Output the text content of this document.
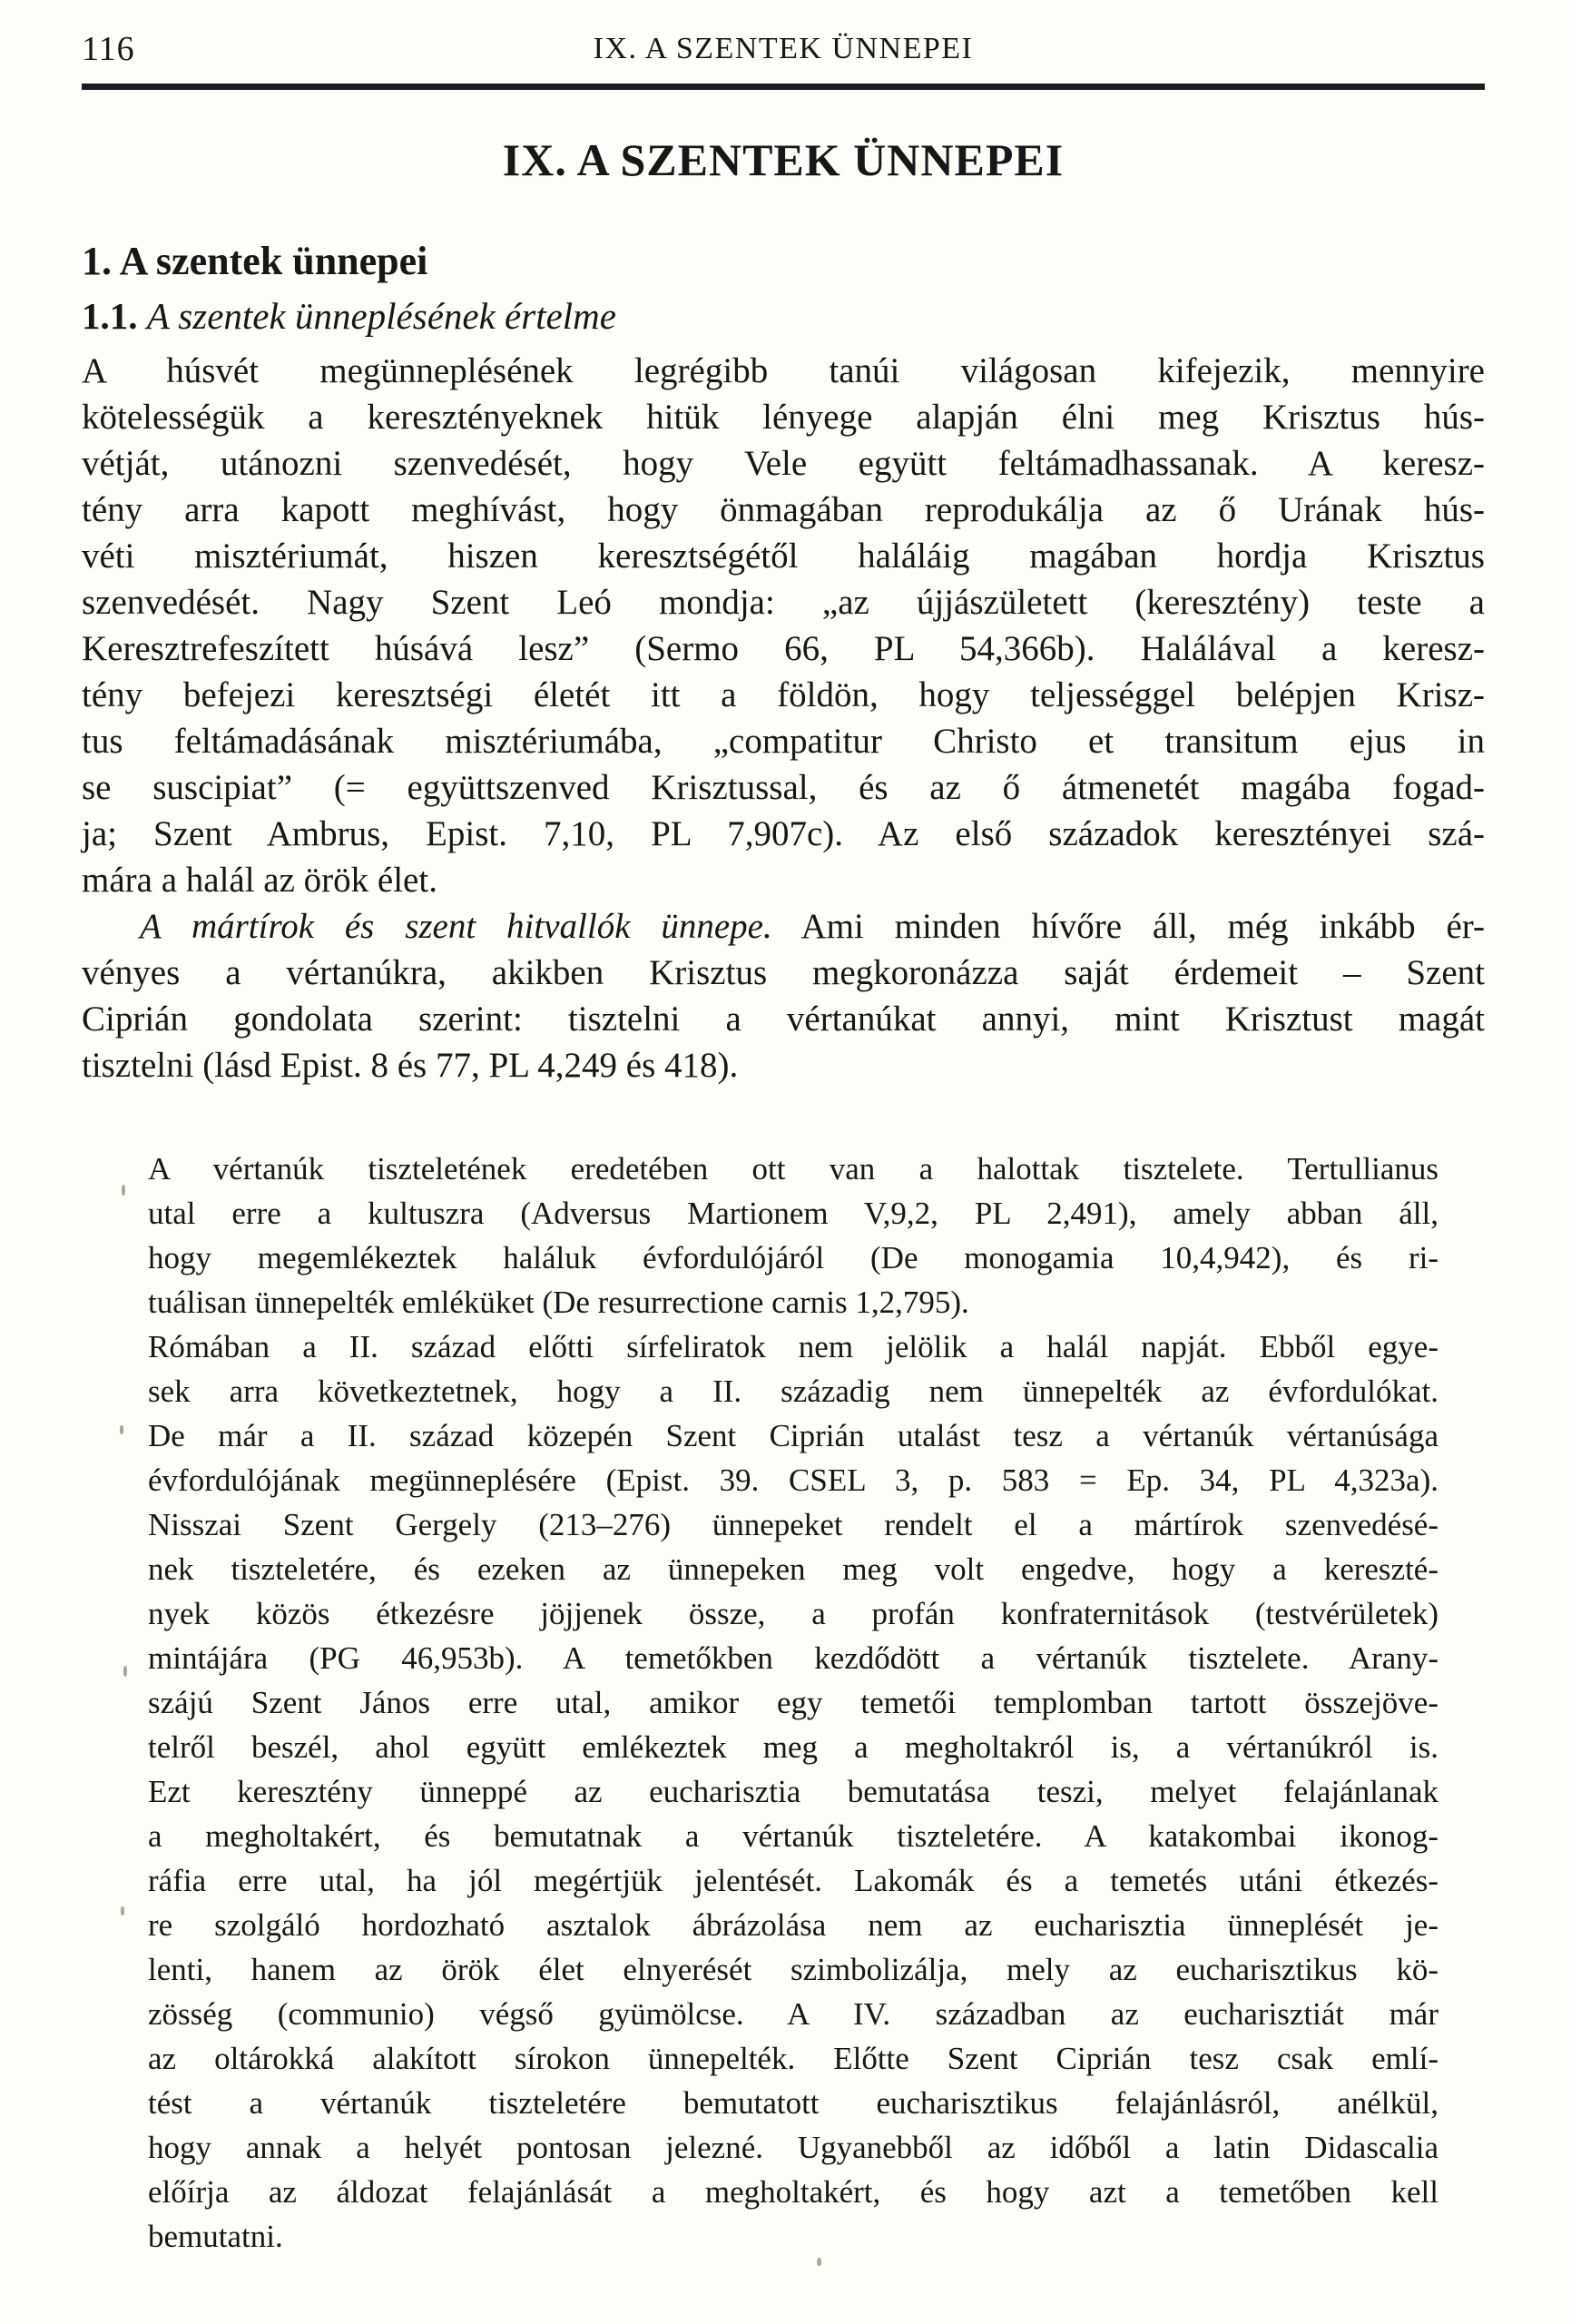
116	IX. A SZENTEK ÜNNEPEI
IX. A SZENTEK ÜNNEPEI
1. A szentek ünnepei
1.1. A szentek ünneplésének értelme
A húsvét megünneplésének legrégibb tanúi világosan kifejezik, mennyire
kötelességük a keresztényeknek hitük lényege alapján élni meg Krisztus hús-
vétját, utánozni szenvedését, hogy Vele együtt feltámadhassanak. A keresz-
tény arra kapott meghívást, hogy önmagában reprodukálja az ő Urának hús-
véti misztériumát, hiszen keresztségétől haláláig magában hordja Krisztus
szenvedését. Nagy Szent Leó mondja: „az újjászületett (keresztény) teste a
Keresztrefeszített húsává lesz” (Sermo 66, PL 54,366b). Halálával a keresz-
tény befejezi keresztségi életét itt a földön, hogy teljességgel belépjen Krisz-
tus feltámadásának misztériumába, „compatitur Christo et transitum ejus in
se suscipiat” (= együttszenved Krisztussal, és az ő átmenetét magába fogad-
ja; Szent Ambrus, Epist. 7,10, PL 7,907c). Az első századok keresztényei szá-
mára a halál az örök élet.
A mártírok és szent hitvallók ünnepe. Ami minden hívőre áll, még inkább ér-
vényes a vértanúkra, akikben Krisztus megkoronázza saját érdemeit – Szent
Ciprián gondolata szerint: tisztelni a vértanúkat annyi, mint Krisztust magát
tisztelni (lásd Epist. 8 és 77, PL 4,249 és 418).
A vértanúk tiszteletének eredetében ott van a halottak tisztelete. Tertullianus
utal erre a kultuszra (Adversus Martionem V,9,2, PL 2,491), amely abban áll,
hogy megemlékeztek haláluk évfordulójáról (De monogamia 10,4,942), és ri-
tuálisan ünnepelték emléküket (De resurrectione carnis 1,2,795).
Rómában a II. század előtti sírfeliratok nem jelölik a halál napját. Ebből egye-
sek arra következtetnek, hogy a II. századig nem ünnepelték az évfordulókat.
De már a II. század közepén Szent Ciprián utalást tesz a vértanúk vértanúsága
évfordulójának megünneplésére (Epist. 39. CSEL 3, p. 583 = Ep. 34, PL 4,323a).
Nisszai Szent Gergely (213–276) ünnepeket rendelt el a mártírok szenvedésé-
nek tiszteletére, és ezeken az ünnepeken meg volt engedve, hogy a kereszté-
nyek közös étkezésre jöjjenek össze, a profán konfraternitások (testvérületek)
mintájára (PG 46,953b). A temetőkben kezdődött a vértanúk tisztelete. Arany-
szájú Szent János erre utal, amikor egy temetői templomban tartott összejöve-
telről beszél, ahol együtt emlékeztek meg a megholtakról is, a vértanúkról is.
Ezt keresztény ünneppé az eucharisztia bemutatása teszi, melyet felajánlanak
a megholtakért, és bemutatnak a vértanúk tiszteletére. A katakombai ikonog-
ráfia erre utal, ha jól megértjük jelentését. Lakomák és a temetés utáni étkezés-
re szolgáló hordozható asztalok ábrázolása nem az eucharisztia ünneplését je-
lenti, hanem az örök élet elnyerését szimbolizálja, mely az eucharisztikus kö-
zösség (communio) végső gyümölcse. A IV. században az eucharisztiát már
az oltárokká alakított sírokon ünnepelték. Előtte Szent Ciprián tesz csak emlí-
tést a vértanúk tiszteletére bemutatott eucharisztikus felajánlásról, anélkül,
hogy annak a helyét pontosan jelezné. Ugyanebből az időből a latin Didascalia
előírja az áldozat felajánlását a megholtakért, és hogy azt a temetőben kell
bemutatni.
